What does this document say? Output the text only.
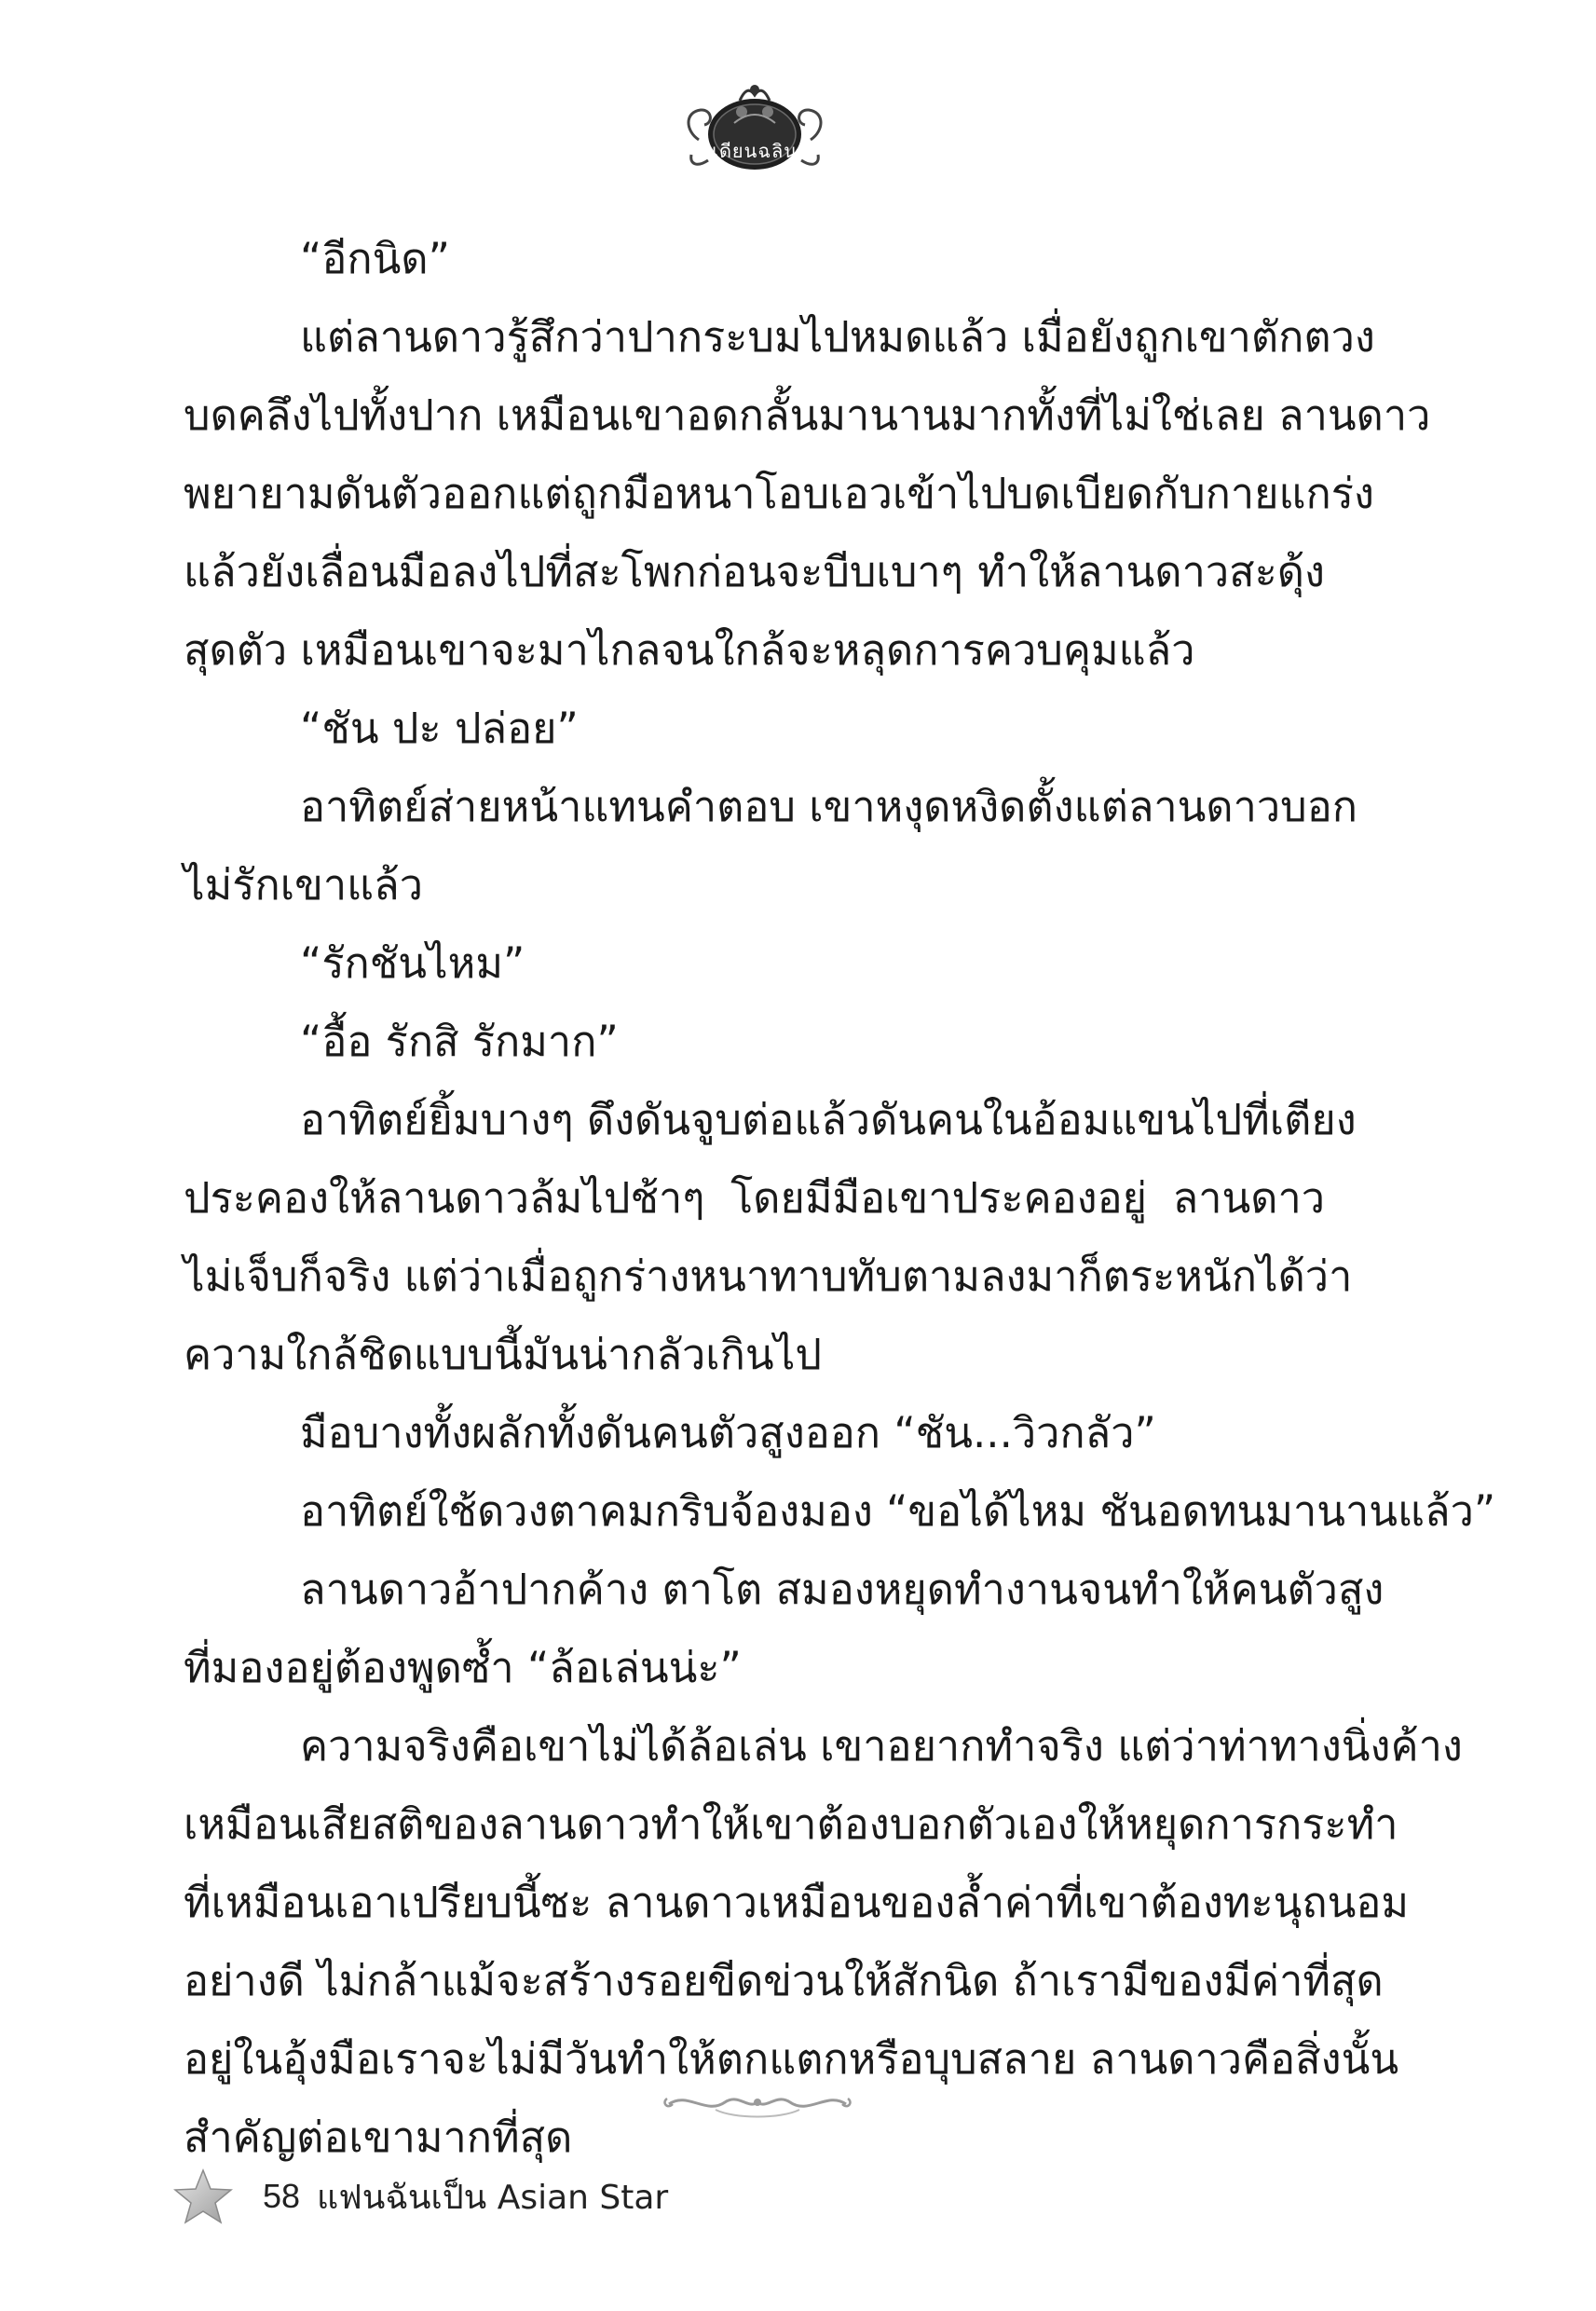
เดียนฉลิน
“อีกนิด”
แต่ลานดาวรู้สึกว่าปากระบมไปหมดแล้ว เมื่อยังถูกเขาตักตวง
บดคลึงไปทั้งปาก เหมือนเขาอดกลั้นมานานมากทั้งที่ไม่ใช่เลย ลานดาว
พยายามดันตัวออกแต่ถูกมือหนาโอบเอวเข้าไปบดเบียดกับกายแกร่ง
แล้วยังเลื่อนมือลงไปที่สะโพกก่อนจะบีบเบาๆ ทำให้ลานดาวสะดุ้ง
สุดตัว เหมือนเขาจะมาไกลจนใกล้จะหลุดการควบคุมแล้ว
“ชัน ปะ ปล่อย”
อาทิตย์ส่ายหน้าแทนคำตอบ เขาหงุดหงิดตั้งแต่ลานดาวบอก
ไม่รักเขาแล้ว
“รักชันไหม”
“อื้อ รักสิ รักมาก”
อาทิตย์ยิ้มบางๆ ดึงดันจูบต่อแล้วดันคนในอ้อมแขนไปที่เตียง
ประคองให้ลานดาวล้มไปช้าๆ โดยมีมือเขาประคองอยู่ ลานดาว
ไม่เจ็บก็จริง แต่ว่าเมื่อถูกร่างหนาทาบทับตามลงมาก็ตระหนักได้ว่า
ความใกล้ชิดแบบนี้มันน่ากลัวเกินไป
มือบางทั้งผลักทั้งดันคนตัวสูงออก “ชัน...วิวกลัว”
อาทิตย์ใช้ดวงตาคมกริบจ้องมอง “ขอได้ไหม ชันอดทนมานานแล้ว”
ลานดาวอ้าปากค้าง ตาโต สมองหยุดทำงานจนทำให้คนตัวสูง
ที่มองอยู่ต้องพูดซ้ำ “ล้อเล่นน่ะ”
ความจริงคือเขาไม่ได้ล้อเล่น เขาอยากทำจริง แต่ว่าท่าทางนิ่งค้าง
เหมือนเสียสติของลานดาวทำให้เขาต้องบอกตัวเองให้หยุดการกระทำ
ที่เหมือนเอาเปรียบนี้ซะ ลานดาวเหมือนของล้ำค่าที่เขาต้องทะนุถนอม
อย่างดี ไม่กล้าแม้จะสร้างรอยขีดข่วนให้สักนิด ถ้าเรามีของมีค่าที่สุด
อยู่ในอุ้งมือเราจะไม่มีวันทำให้ตกแตกหรือบุบสลาย ลานดาวคือสิ่งนั้น
สำคัญต่อเขามากที่สุด
58 แฟนฉันเป็น Asian Star
